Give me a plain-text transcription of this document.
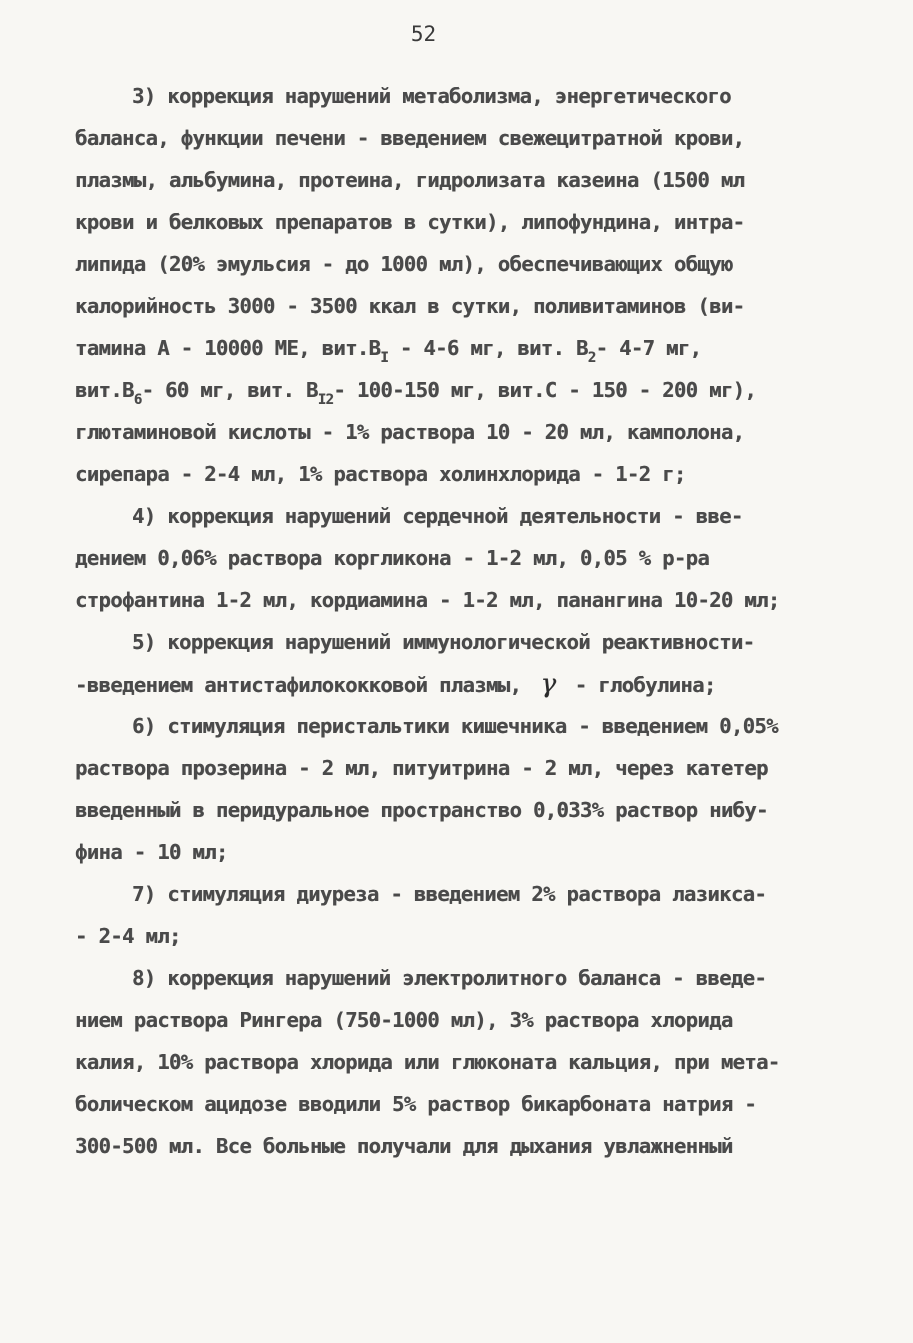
52
3) коррекция нарушений метаболизма, энергетического
баланса, функции печени - введением свежецитратной крови,
плазмы, альбумина, протеина, гидролизата казеина (1500 мл
крови и белковых препаратов в сутки), липофундина, интра-
липида (20% эмульсия - до 1000 мл), обеспечивающих общую
калорийность 3000 - 3500 ккал в сутки, поливитаминов (ви-
тамина А - 10000 МЕ, $вит.В_I - 4-6$ мг, вит. $В_2-$ 4-7 мг,
$вит.В_6-$ 60 мг, вит. $В_{I2}-$ 100-150 мг, вит.С - 150 - 200 мг),
глютаминовой кислоты - 1% раствора 10 - 20 мл, камполона,
сирепара - 2-4 мл, 1% раствора холинхлорида - 1-2 г;
4) коррекция нарушений сердечной деятельности - вве-
дением 0,06% раствора коргликона - 1-2 мл, 0,05 % р-ра
строфантина 1-2 мл, кордиамина - 1-2 мл, панангина 10-20 мл;
5) коррекция нарушений иммунологической реактивности-
-введением антистафилококковой плазмы, γ - глобулина;
6) стимуляция перистальтики кишечника - введением 0,05%
раствора прозерина - 2 мл, питуитрина - 2 мл, через катетер
введенный в перидуральное пространство 0,033% раствор нибу-
фина - 10 мл;
7) стимуляция диуреза - введением 2% раствора лазикса-
- 2-4 мл;
8) коррекция нарушений электролитного баланса - введе-
нием раствора Рингера (750-1000 мл), 3% раствора хлорида
калия, 10% раствора хлорида или глюконата кальция, при мета-
болическом ацидозе вводили 5% раствор бикарбоната натрия -
300-500 мл. Все больные получали для дыхания увлажненный
